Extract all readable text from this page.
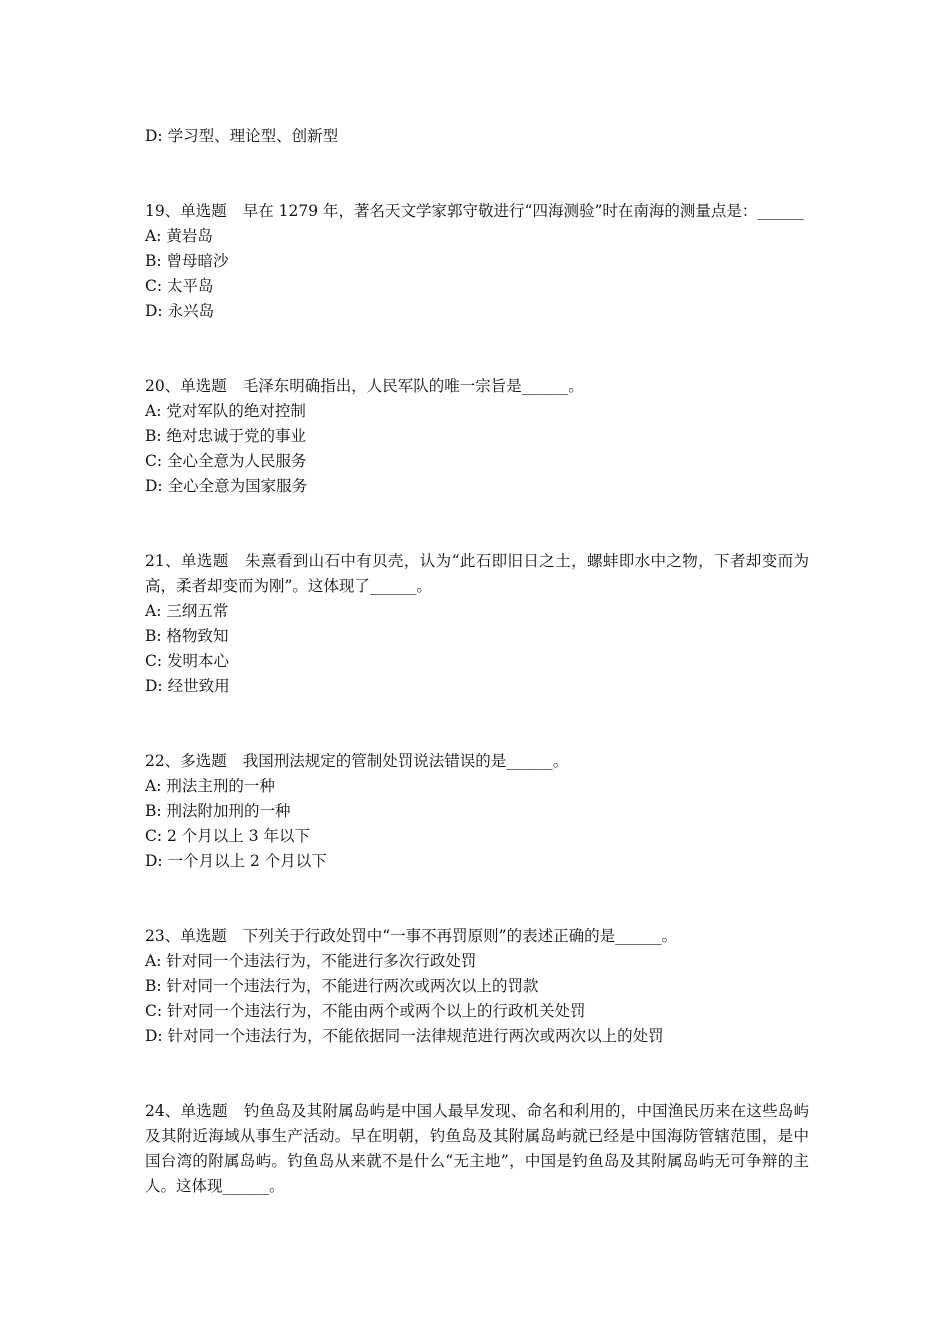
D: 学习型、理论型、创新型
19、单选题 早在 1279 年，著名天文学家郭守敬进行“四海测验”时在南海的测量点是：______
A: 黄岩岛
B: 曾母暗沙
C: 太平岛
D: 永兴岛
20、单选题 毛泽东明确指出，人民军队的唯一宗旨是______。
A: 党对军队的绝对控制
B: 绝对忠诚于党的事业
C: 全心全意为人民服务
D: 全心全意为国家服务
21、单选题 朱熹看到山石中有贝壳，认为“此石即旧日之土，螺蚌即水中之物，下者却变而为高，柔者却变而为刚”。这体现了______。
A: 三纲五常
B: 格物致知
C: 发明本心
D: 经世致用
22、多选题 我国刑法规定的管制处罚说法错误的是______。
A: 刑法主刑的一种
B: 刑法附加刑的一种
C: 2 个月以上 3 年以下
D: 一个月以上 2 个月以下
23、单选题 下列关于行政处罚中“一事不再罚原则”的表述正确的是______。
A: 针对同一个违法行为，不能进行多次行政处罚
B: 针对同一个违法行为，不能进行两次或两次以上的罚款
C: 针对同一个违法行为，不能由两个或两个以上的行政机关处罚
D: 针对同一个违法行为，不能依据同一法律规范进行两次或两次以上的处罚
24、单选题 钓鱼岛及其附属岛屿是中国人最早发现、命名和利用的，中国渔民历来在这些岛屿及其附近海域从事生产活动。早在明朝，钓鱼岛及其附属岛屿就已经是中国海防管辖范围，是中国台湾的附属岛屿。钓鱼岛从来就不是什么“无主地”，中国是钓鱼岛及其附属岛屿无可争辩的主人。这体现______。
